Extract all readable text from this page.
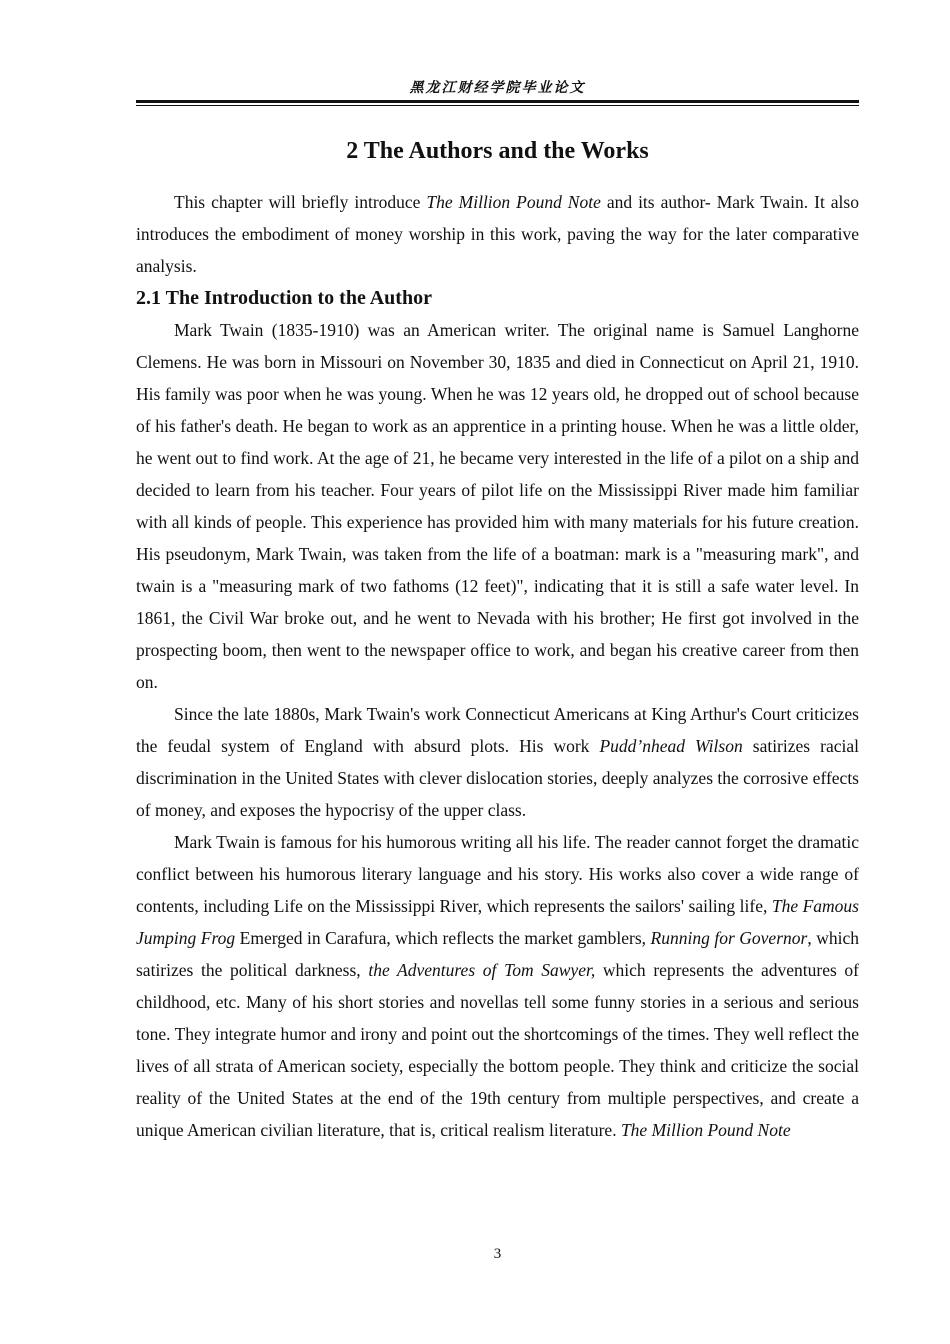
黑龙江财经学院毕业论文
2 The Authors and the Works

This chapter will briefly introduce The Million Pound Note and its author- Mark Twain. It also introduces the embodiment of money worship in this work, paving the way for the later comparative analysis.

2.1 The Introduction to the Author

Mark Twain (1835-1910) was an American writer. The original name is Samuel Langhorne Clemens. He was born in Missouri on November 30, 1835 and died in Connecticut on April 21, 1910. His family was poor when he was young. When he was 12 years old, he dropped out of school because of his father's death. He began to work as an apprentice in a printing house. When he was a little older, he went out to find work. At the age of 21, he became very interested in the life of a pilot on a ship and decided to learn from his teacher. Four years of pilot life on the Mississippi River made him familiar with all kinds of people. This experience has provided him with many materials for his future creation. His pseudonym, Mark Twain, was taken from the life of a boatman: mark is a "measuring mark", and twain is a "measuring mark of two fathoms (12 feet)", indicating that it is still a safe water level. In 1861, the Civil War broke out, and he went to Nevada with his brother; He first got involved in the prospecting boom, then went to the newspaper office to work, and began his creative career from then on.

Since the late 1880s, Mark Twain's work Connecticut Americans at King Arthur's Court criticizes the feudal system of England with absurd plots. His work Pudd’nhead Wilson satirizes racial discrimination in the United States with clever dislocation stories, deeply analyzes the corrosive effects of money, and exposes the hypocrisy of the upper class.

Mark Twain is famous for his humorous writing all his life. The reader cannot forget the dramatic conflict between his humorous literary language and his story. His works also cover a wide range of contents, including Life on the Mississippi River, which represents the sailors' sailing life, The Famous Jumping Frog Emerged in Carafura, which reflects the market gamblers, Running for Governor, which satirizes the political darkness, the Adventures of Tom Sawyer, which represents the adventures of childhood, etc. Many of his short stories and novellas tell some funny stories in a serious and serious tone. They integrate humor and irony and point out the shortcomings of the times. They well reflect the lives of all strata of American society, especially the bottom people. They think and criticize the social reality of the United States at the end of the 19th century from multiple perspectives, and create a unique American civilian literature, that is, critical realism literature. The Million Pound Note

3
